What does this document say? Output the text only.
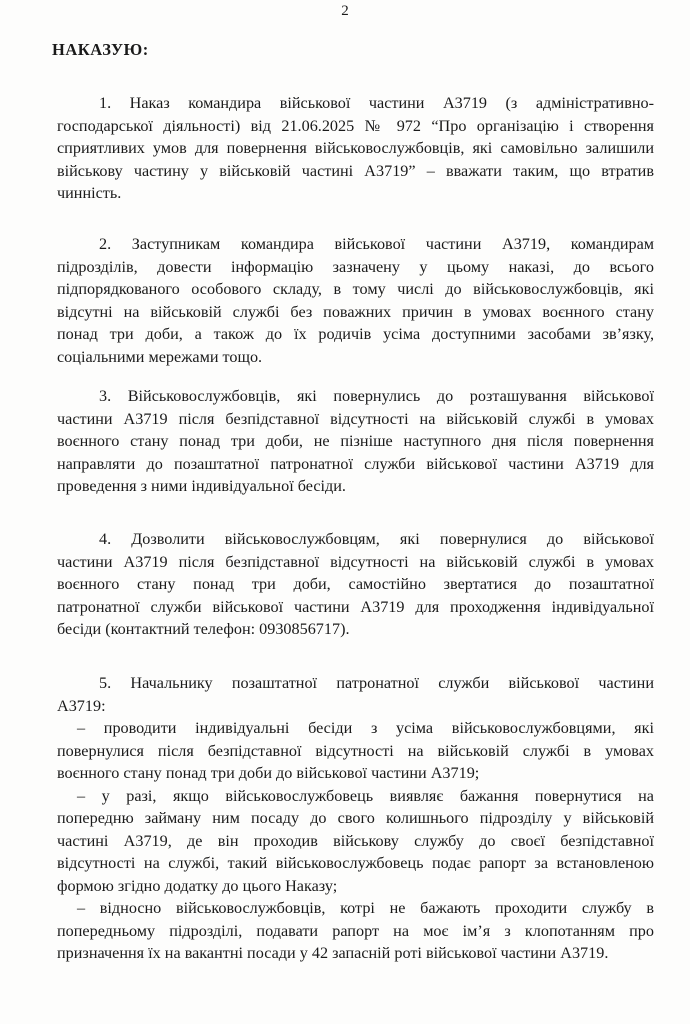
2
НАКАЗУЮ:
1. Наказ командира військової частини А3719 (з адміністративно-
господарської діяльності) від 21.06.2025 № 972 “Про організацію і створення
сприятливих умов для повернення військовослужбовців, які самовільно залишили
військову частину у військовій частині А3719” – вважати таким, що втратив
чинність.
2. Заступникам командира військової частини А3719, командирам
підрозділів, довести інформацію зазначену у цьому наказі, до всього
підпорядкованого особового складу, в тому числі до військовослужбовців, які
відсутні на військовій службі без поважних причин в умовах воєнного стану
понад три доби, а також до їх родичів усіма доступними засобами зв’язку,
соціальними мережами тощо.
3. Військовослужбовців, які повернулись до розташування військової
частини А3719 після безпідставної відсутності на військовій службі в умовах
воєнного стану понад три доби, не пізніше наступного дня після повернення
направляти до позаштатної патронатної служби військової частини А3719 для
проведення з ними індивідуальної бесіди.
4. Дозволити військовослужбовцям, які повернулися до військової
частини А3719 після безпідставної відсутності на військовій службі в умовах
воєнного стану понад три доби, самостійно звертатися до позаштатної
патронатної служби військової частини А3719 для проходження індивідуальної
бесіди (контактний телефон: 0930856717).
5. Начальнику позаштатної патронатної служби військової частини
А3719:
– проводити індивідуальні бесіди з усіма військовослужбовцями, які
повернулися після безпідставної відсутності на військовій службі в умовах
воєнного стану понад три доби до військової частини А3719;
– у разі, якщо військовослужбовець виявляє бажання повернутися на
попередню займану ним посаду до свого колишнього підрозділу у військовій
частині А3719, де він проходив військову службу до своєї безпідставної
відсутності на службі, такий військовослужбовець подає рапорт за встановленою
формою згідно додатку до цього Наказу;
– відносно військовослужбовців, котрі не бажають проходити службу в
попередньому підрозділі, подавати рапорт на моє ім’я з клопотанням про
призначення їх на вакантні посади у 42 запасній роті військової частини А3719.
